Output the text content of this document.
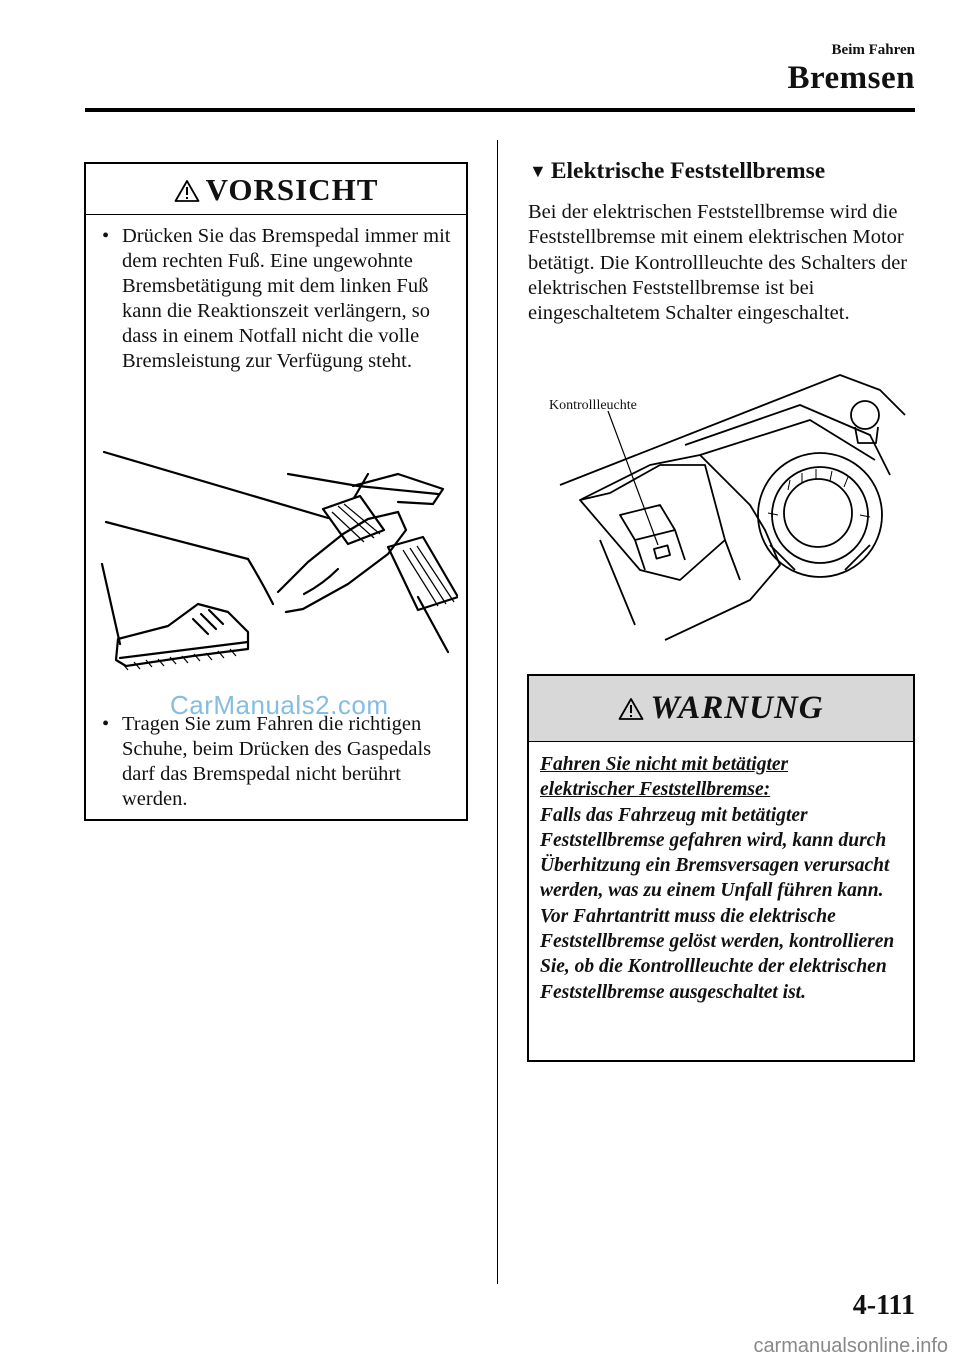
Beim Fahren
Bremsen
VORSICHT
• Drücken Sie das Bremspedal immer mit dem rechten Fuß. Eine ungewohnte Bremsbetätigung mit dem linken Fuß kann die Reaktionszeit verlängern, so dass in einem Notfall nicht die volle Bremsleistung zur Verfügung steht.
• Tragen Sie zum Fahren die richtigen Schuhe, beim Drücken des Gaspedals darf das Bremspedal nicht berührt werden.
CarManuals2.com
▼ Elektrische Feststellbremse
Bei der elektrischen Feststellbremse wird die Feststellbremse mit einem elektrischen Motor betätigt. Die Kontrollleuchte des Schalters der elektrischen Feststellbremse ist bei eingeschaltetem Schalter eingeschaltet.
Kontrollleuchte
WARNUNG
Fahren Sie nicht mit betätigter
elektrischer Feststellbremse:
Falls das Fahrzeug mit betätigter Feststellbremse gefahren wird, kann durch Überhitzung ein Bremsversagen verursacht werden, was zu einem Unfall führen kann.
Vor Fahrtantritt muss die elektrische Feststellbremse gelöst werden, kontrollieren Sie, ob die Kontrollleuchte der elektrischen Feststellbremse ausgeschaltet ist.
4-111
carmanualsonline.info
